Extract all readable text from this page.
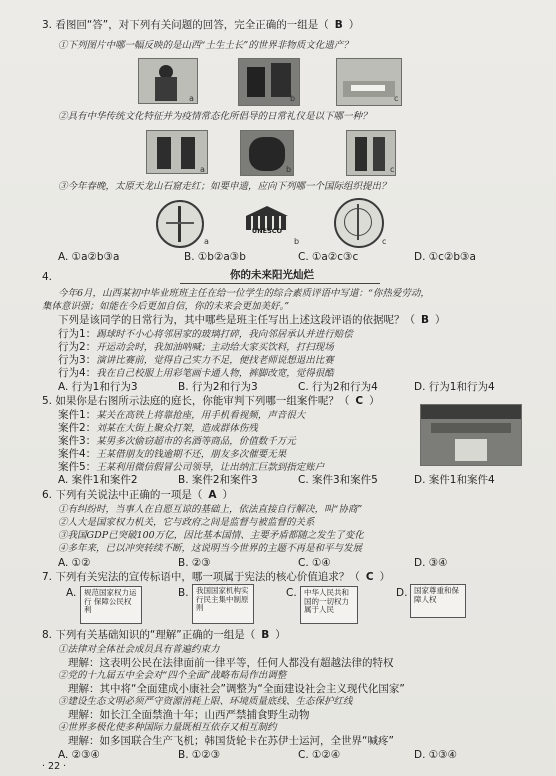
3. 看图回“答”，对下列有关问题的回答，完全正确的一组是（ B ）
①下列图片中哪一幅反映的是山西“土生土长”的世界非物质文化遗产？
a	b	c
②具有中华传统文化特征并为疫情常态化所倡导的日常礼仪是以下哪一种？
a	b	c
③今年春晚，太原天龙山石窟走红；如要申遗，应向下列哪一个国际组织提出？
a
UNESCO
b	c
A. ①a②b③a	B. ①b②a③b	C. ①a②c③c	D. ①c②b③a
4.	你的未来阳光灿烂
今年6月，山西某初中毕业班班主任在给一位学生的综合素质评语中写道：“你热爱劳动，
集体意识强；如能在今后更加自信，你的未来会更加美好。”
下列是该同学的日常行为，其中哪些是班主任写出上述这段评语的依据呢？（ B ）
行为1：踢球时不小心将邻居家的玻璃打碎，我向邻居承认并进行赔偿
行为2：开运动会时，我加油呐喊；主动给大家买饮料，打扫现场
行为3：演讲比赛前，觉得自己实力不足，便找老师说想退出比赛
行为4：我在自己校服上用彩笔画卡通人物，裤脚改宽，觉得很酷
A. 行为1和行为3	B. 行为2和行为3	C. 行为2和行为4	D. 行为1和行为4
5. 如果你是右图所示法庭的庭长，你能审判下列哪一组案件呢？（ C ）
案件1：某关在高铁上将靠抢座，用手机看视频，声音很大
案件2：刘某在大街上聚众打架，造成群体伤残
案件3：某男多次偷窃超市的名酒等商品，价值数千万元
案件4：王某借朋友的钱逾期不还，朋友多次催要无果
案件5：王某利用微信假冒公司领导，让出纳汇巨款到指定账户
A. 案件1和案件2	B. 案件2和案件3	C. 案件3和案件5	D. 案件1和案件4
6. 下列有关说法中正确的一项是（ A ）
①有纠纷时，当事人在自愿互谅的基础上，依法直接自行解决，叫“协商”
②人大是国家权力机关，它与政府之间是监督与被监督的关系
③我国GDP已突破100万亿，因比基本国情、主要矛盾都随之发生了变化
④多年来，已以冲突转续不断，这说明当今世界的主题不再是和平与发展
A. ①②	B. ②③	C. ①④	D. ③④
7. 下列有关宪法的宣传标语中，哪一项属于宪法的核心价值追求？（ C ）
A.	规范国家权力运行 保障公民权利
B. 我国国家机构实行民主集中制原则
C. 中华人民共和国的一切权力属于人民
D. 国家尊重和保障人权
8. 下列有关基础知识的“理解”正确的一组是（ B ）
①法律对全体社会成员具有普遍约束力
理解：这表明公民在法律面前一律平等，任何人都没有超越法律的特权
②党的十九届五中全会对“四个全面”战略布局作出调整
理解：其中将“全面建成小康社会”调整为“全面建设社会主义现代化国家”
③建设生态文明必须严守资源消耗上限、环境质量底线、生态保护红线
理解：如长江全面禁渔十年；山西严禁捕食野生动物
④世界多极化使多种国际力量既相互依存又相互制约
理解：如多国联合生产飞机；韩国货轮卡在苏伊士运河，全世界“喊疼”
A. ②③④	B. ①②③	C. ①②④	D. ①③④
· 22 ·
